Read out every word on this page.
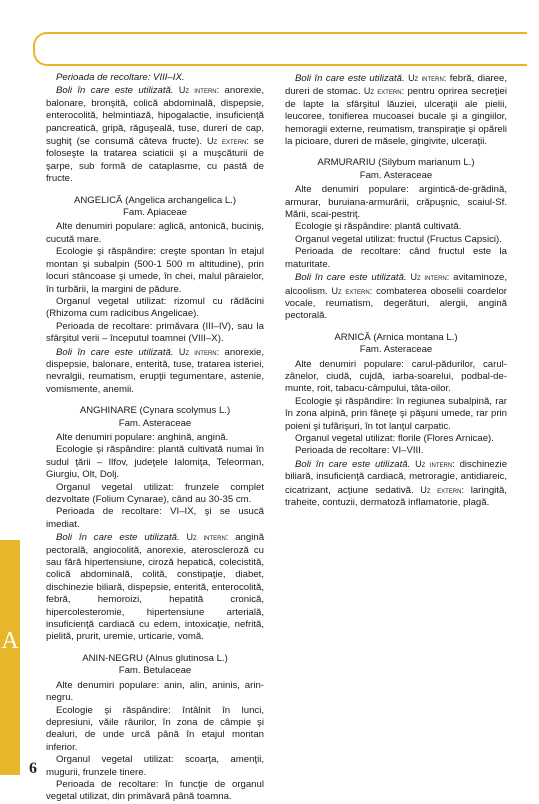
A

Perioada de recoltare: VIII–IX.

Boli în care este utilizată. Uz intern: anorexie, balonare, bronşită, colică abdominală, dispepsie, enterocolită, helmintiază, hipogalactie, insuficienţă pancreatică, gripă, răguşeală, tuse, dureri de cap, sughiţ (se consumă câteva fructe). Uz extern: se foloseşte la tratarea sciaticii şi a muşcăturii de şarpe, sub formă de cataplasme, cu pastă de fructe.

ANGELICĂ (Angelica archangelica L.)

Fam. Apiaceae

Alte denumiri populare: aglică, antonică, buciniş, cucută mare.

Ecologie şi răspândire: creşte spontan în etajul montan şi subalpin (500-1 500 m altitudine), prin locuri stâncoase şi umede, în chei, malul pâraielor, în turbării, la margini de pădure.

Organul vegetal utilizat: rizomul cu rădăcini (Rhizoma cum radicibus Angelicae).

Perioada de recoltare: primăvara (III–IV), sau la sfârşitul verii – începutul toamnei (VIII–X).

Boli în care este utilizată. Uz intern: anorexie, dispepsie, balonare, enterită, tuse, tratarea isteriei, nevralgii, reumatism, erupţii tegumentare, astenie, vomismente, anemii.

ANGHINARE (Cynara scolymus L.)

Fam. Asteraceae

Alte denumiri populare: anghină, angină.

Ecologie şi răspândire: plantă cultivată numai în sudul ţării – Ilfov, judeţele Ialomiţa, Teleorman, Giurgiu, Olt, Dolj.

Organul vegetal utilizat: frunzele complet dezvoltate (Folium Cynarae), când au 30-35 cm.

Perioada de recoltare: VI–IX, şi se usucă imediat.

Boli în care este utilizată. Uz intern: angină pectorală, angiocolită, anorexie, ateroscleroză cu sau fără hipertensiune, ciroză hepatică, colecistită, colică abdominală, colită, constipaţie, diabet, dischinezie biliară, dispepsie, enterită, enterocolită, febră, hemoroizi, hepatită cronică, hipercolesteromie, hipertensiune arterială, insuficienţă cardiacă cu edem, intoxicaţie, nefrită, pielită, prurit, uremie, urticarie, vomă.

ANIN-NEGRU (Alnus glutinosa L.)

Fam. Betulaceae

Alte denumiri populare: anin, alin, aninis, arin-negru.

Ecologie şi răspândire: întâlnit în lunci, depresiuni, văile râurilor, în zona de câmpie şi dealuri, de unde urcă până în etajul montan inferior.

Organul vegetal utilizat: scoarţa, amenţii, mugurii, frunzele tinere.

Perioada de recoltare: în funcţie de organul vegetal utilizat, din primăvară până toamna.

Boli în care este utilizată. Uz intern: febră, diaree, dureri de stomac. Uz extern: pentru oprirea secreţiei de lapte la sfârşitul lăuziei, ulceraţii ale pielii, leucoree, tonifierea mucoasei bucale şi a gingiilor, hemoragii externe, reumatism, transpiraţie şi opăreli la picioare, dureri de măsele, gingivite, ulceraţii.

ARMURARIU (Silybum marianum L.)

Fam. Asteraceae

Alte denumiri populare: argintică-de-grădină, armurar, buruiana-armurării, crăpuşnic, scaiul-Sf. Mării, scai-pestriţ.

Ecologie şi răspândire: plantă cultivată.

Organul vegetal utilizat: fructul (Fructus Capsici).

Perioada de recoltare: când fructul este la maturitate.

Boli în care este utilizată. Uz intern: avitaminoze, alcoolism. Uz extern: combaterea oboselii coardelor vocale, reumatism, degerături, alergii, angină pectorală.

ARNICĂ (Arnica montana L.)

Fam. Asteraceae

Alte denumiri populare: carul-pădurilor, carul-zânelor, ciudă, cujdă, iarba-soarelui, podbal-de-munte, roit, tabacu-câmpului, tâta-oilor.

Ecologie şi răspândire: în regiunea subalpină, rar în zona alpină, prin fâneţe şi păşuni umede, rar prin poieni şi tufărişuri, în tot lanţul carpatic.

Organul vegetal utilizat: florile (Flores Arnicae).

Perioada de recoltare: VI–VIII.

Boli în care este utilizată. Uz intern: dischinezie biliară, insuficienţă cardiacă, metroragie, antidiareic, cicatrizant, acţiune sedativă. Uz extern: laringită, traheite, contuzii, dermatoză inflamatorie, plagă.

6
